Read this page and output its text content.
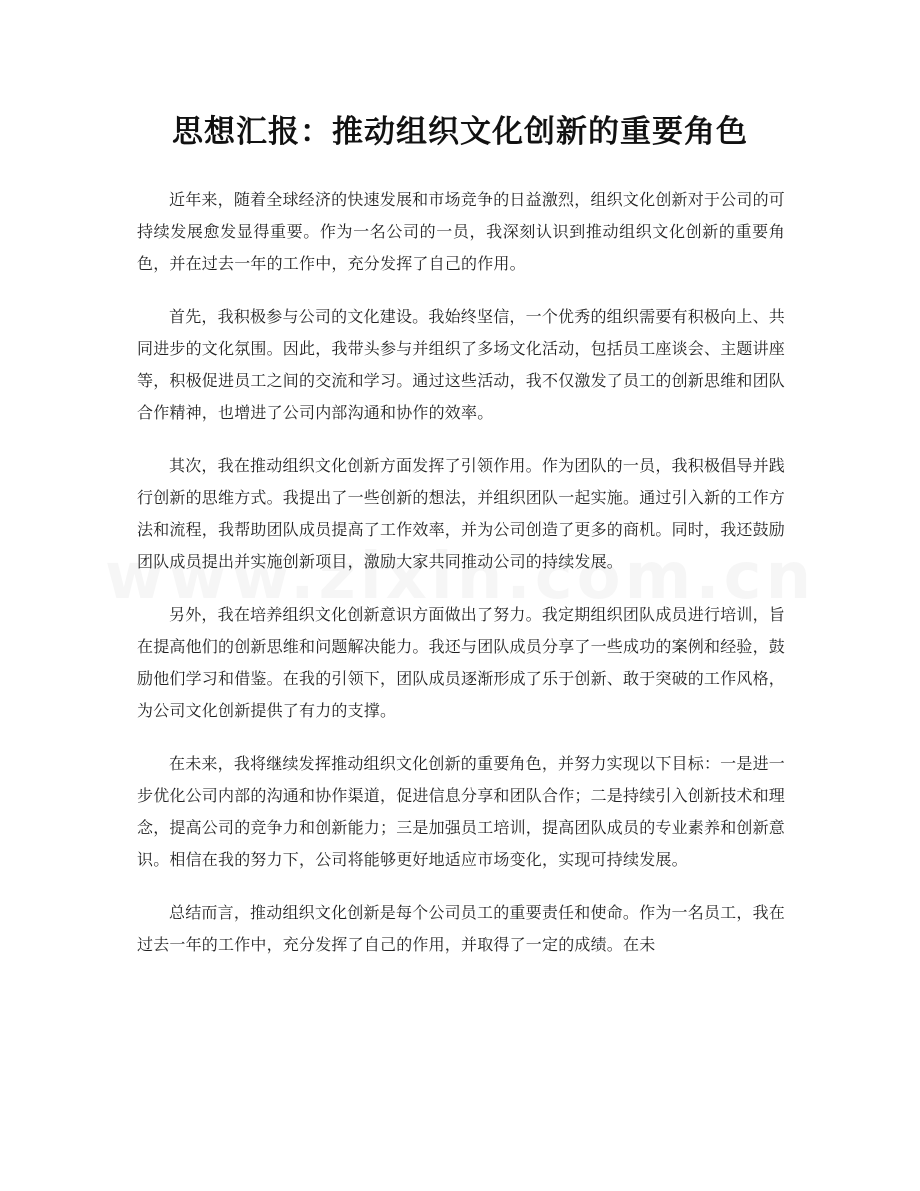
思想汇报：推动组织文化创新的重要角色

近年来，随着全球经济的快速发展和市场竞争的日益激烈，组织文化创新对于公司的可持续发展愈发显得重要。作为一名公司的一员，我深刻认识到推动组织文化创新的重要角色，并在过去一年的工作中，充分发挥了自己的作用。

首先，我积极参与公司的文化建设。我始终坚信，一个优秀的组织需要有积极向上、共同进步的文化氛围。因此，我带头参与并组织了多场文化活动，包括员工座谈会、主题讲座等，积极促进员工之间的交流和学习。通过这些活动，我不仅激发了员工的创新思维和团队合作精神，也增进了公司内部沟通和协作的效率。

其次，我在推动组织文化创新方面发挥了引领作用。作为团队的一员，我积极倡导并践行创新的思维方式。我提出了一些创新的想法，并组织团队一起实施。通过引入新的工作方法和流程，我帮助团队成员提高了工作效率，并为公司创造了更多的商机。同时，我还鼓励团队成员提出并实施创新项目，激励大家共同推动公司的持续发展。

另外，我在培养组织文化创新意识方面做出了努力。我定期组织团队成员进行培训，旨在提高他们的创新思维和问题解决能力。我还与团队成员分享了一些成功的案例和经验，鼓励他们学习和借鉴。在我的引领下，团队成员逐渐形成了乐于创新、敢于突破的工作风格，为公司文化创新提供了有力的支撑。

在未来，我将继续发挥推动组织文化创新的重要角色，并努力实现以下目标：一是进一步优化公司内部的沟通和协作渠道，促进信息分享和团队合作；二是持续引入创新技术和理念，提高公司的竞争力和创新能力；三是加强员工培训，提高团队成员的专业素养和创新意识。相信在我的努力下，公司将能够更好地适应市场变化，实现可持续发展。

总结而言，推动组织文化创新是每个公司员工的重要责任和使命。作为一名员工，我在过去一年的工作中，充分发挥了自己的作用，并取得了一定的成绩。在未
